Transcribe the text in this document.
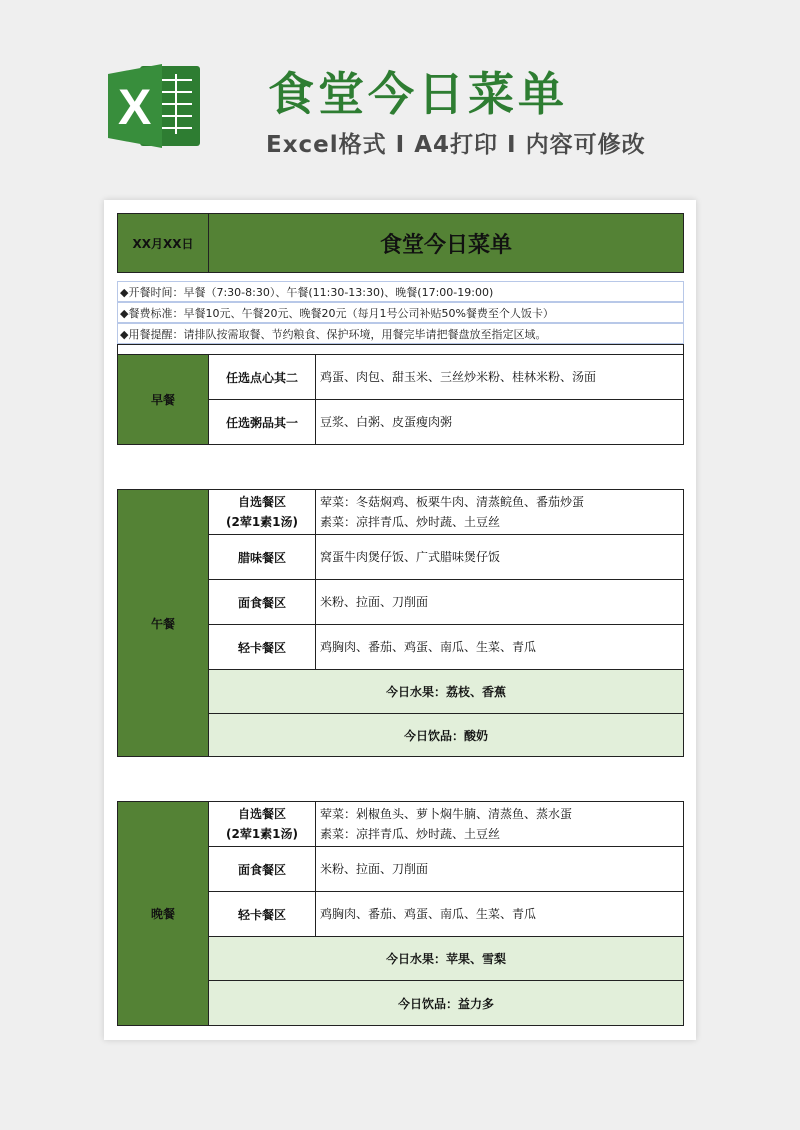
X	食堂今日菜单
Excel格式 I A4打印 I 内容可修改
XX月XX日	食堂今日菜单
◆开餐时间：早餐（7:30-8:30）、午餐(11:30-13:30)、晚餐(17:00-19:00)
◆餐费标准：早餐10元、午餐20元、晚餐20元（每月1号公司补贴50%餐费至个人饭卡）
◆用餐提醒：请排队按需取餐、节约粮食、保护环境，用餐完毕请把餐盘放至指定区域。
早餐
任选点心其二	鸡蛋、肉包、甜玉米、三丝炒米粉、桂林米粉、汤面
任选粥品其一	豆浆、白粥、皮蛋瘦肉粥
午餐
自选餐区
(2荤1素1汤)
荤菜：冬菇焖鸡、板栗牛肉、清蒸鲩鱼、番茄炒蛋
素菜：凉拌青瓜、炒时蔬、土豆丝
腊味餐区	窝蛋牛肉煲仔饭、广式腊味煲仔饭
面食餐区	米粉、拉面、刀削面
轻卡餐区	鸡胸肉、番茄、鸡蛋、南瓜、生菜、青瓜
今日水果：荔枝、香蕉
今日饮品：酸奶
晚餐
自选餐区
(2荤1素1汤)
荤菜：剁椒鱼头、萝卜焖牛腩、清蒸鱼、蒸水蛋
素菜：凉拌青瓜、炒时蔬、土豆丝
面食餐区	米粉、拉面、刀削面
轻卡餐区	鸡胸肉、番茄、鸡蛋、南瓜、生菜、青瓜
今日水果：苹果、雪梨
今日饮品：益力多
